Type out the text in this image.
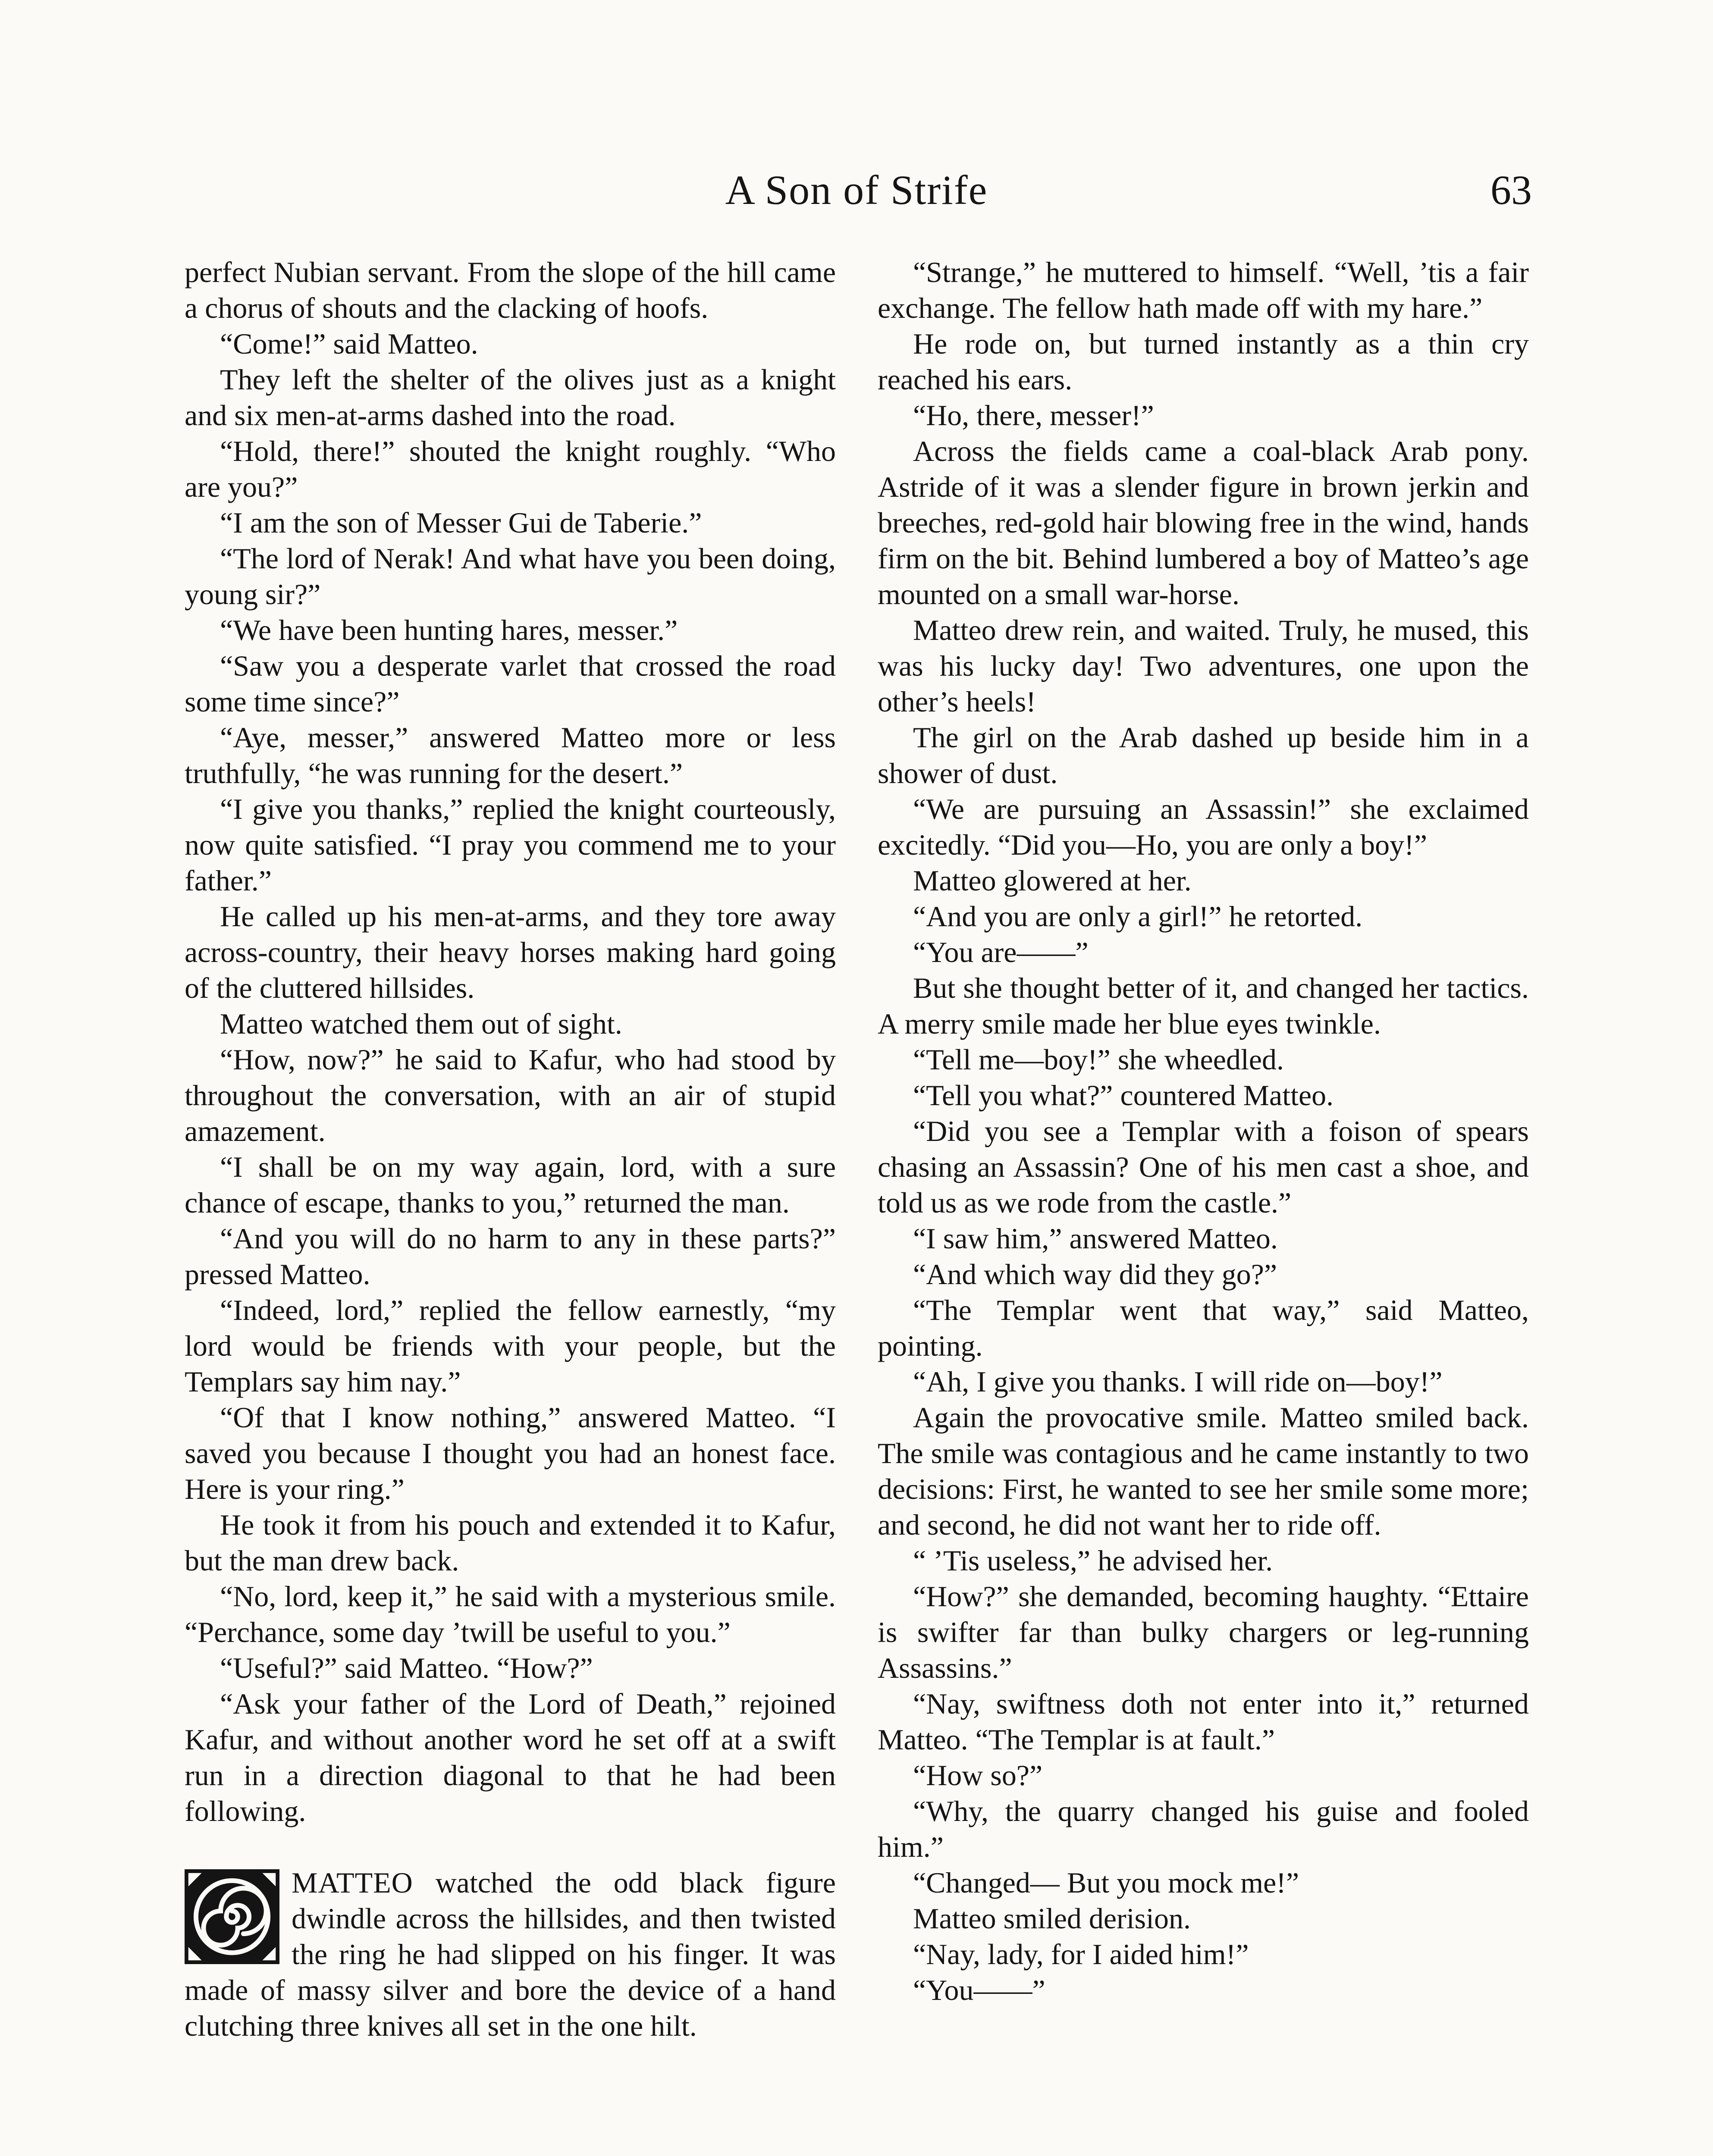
A Son of Strife	63

perfect Nubian servant. From the slope of the hill came a chorus of shouts and the clacking of hoofs.

“Come!” said Matteo.

They left the shelter of the olives just as a knight and six men-at-arms dashed into the road.

“Hold, there!” shouted the knight roughly. “Who are you?”

“I am the son of Messer Gui de Taberie.”

“The lord of Nerak! And what have you been doing, young sir?”

“We have been hunting hares, messer.”

“Saw you a desperate varlet that crossed the road some time since?”

“Aye, messer,” answered Matteo more or less truthfully, “he was running for the desert.”

“I give you thanks,” replied the knight courteously, now quite satisfied. “I pray you commend me to your father.”

He called up his men-at-arms, and they tore away across-country, their heavy horses making hard going of the cluttered hillsides.

Matteo watched them out of sight.

“How, now?” he said to Kafur, who had stood by throughout the conversation, with an air of stupid amazement.

“I shall be on my way again, lord, with a sure chance of escape, thanks to you,” returned the man.

“And you will do no harm to any in these parts?” pressed Matteo.

“Indeed, lord,” replied the fellow earnestly, “my lord would be friends with your people, but the Templars say him nay.”

“Of that I know nothing,” answered Matteo. “I saved you because I thought you had an honest face. Here is your ring.”

He took it from his pouch and extended it to Kafur, but the man drew back.

“No, lord, keep it,” he said with a mysterious smile. “Perchance, some day ’twill be useful to you.”

“Useful?” said Matteo. “How?”

“Ask your father of the Lord of Death,” rejoined Kafur, and without another word he set off at a swift run in a direction diagonal to that he had been following.

MATTEO watched the odd black figure dwindle across the hillsides, and then twisted the ring he had slipped on his finger. It was made of massy silver and bore the device of a hand clutching three knives all set in the one hilt.

“Strange,” he muttered to himself. “Well, ’tis a fair exchange. The fellow hath made off with my hare.”

He rode on, but turned instantly as a thin cry reached his ears.

“Ho, there, messer!”

Across the fields came a coal-black Arab pony. Astride of it was a slender figure in brown jerkin and breeches, red-gold hair blowing free in the wind, hands firm on the bit. Behind lumbered a boy of Matteo’s age mounted on a small war-horse.

Matteo drew rein, and waited. Truly, he mused, this was his lucky day! Two adventures, one upon the other’s heels!

The girl on the Arab dashed up beside him in a shower of dust.

“We are pursuing an Assassin!” she exclaimed excitedly. “Did you—Ho, you are only a boy!”

Matteo glowered at her.

“And you are only a girl!” he retorted.

“You are——”

But she thought better of it, and changed her tactics. A merry smile made her blue eyes twinkle.

“Tell me—boy!” she wheedled.

“Tell you what?” countered Matteo.

“Did you see a Templar with a foison of spears chasing an Assassin? One of his men cast a shoe, and told us as we rode from the castle.”

“I saw him,” answered Matteo.

“And which way did they go?”

“The Templar went that way,” said Matteo, pointing.

“Ah, I give you thanks. I will ride on—boy!”

Again the provocative smile. Matteo smiled back. The smile was contagious and he came instantly to two decisions: First, he wanted to see her smile some more; and second, he did not want her to ride off.

“ ’Tis useless,” he advised her.

“How?” she demanded, becoming haughty. “Ettaire is swifter far than bulky chargers or leg-running Assassins.”

“Nay, swiftness doth not enter into it,” returned Matteo. “The Templar is at fault.”

“How so?”

“Why, the quarry changed his guise and fooled him.”

“Changed— But you mock me!”

Matteo smiled derision.

“Nay, lady, for I aided him!”

“You——”
